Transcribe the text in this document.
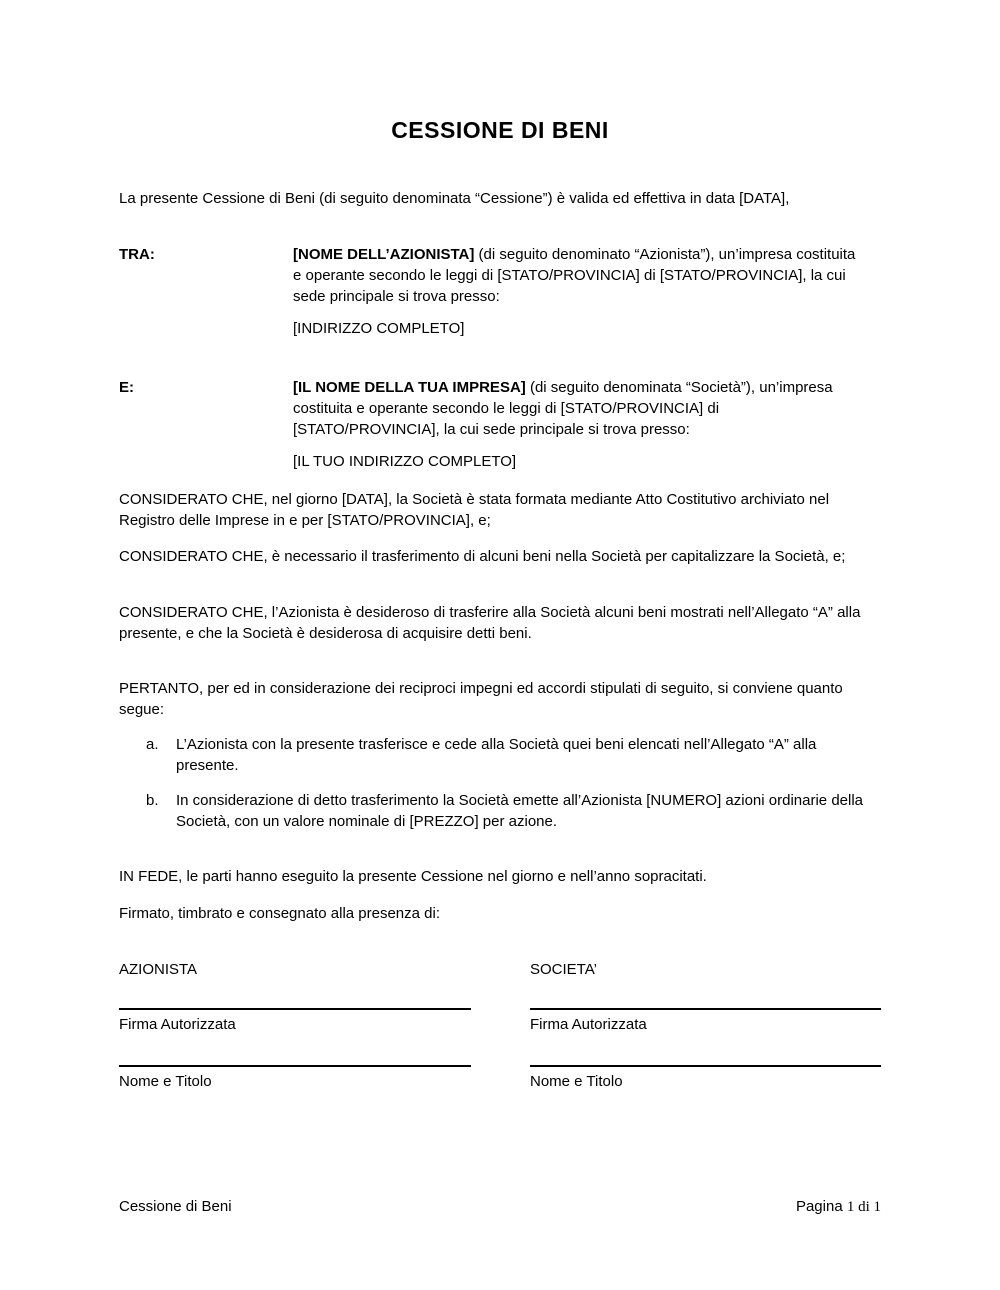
CESSIONE DI BENI
La presente Cessione di Beni (di seguito denominata “Cessione”) è valida ed effettiva in data [DATA],
TRA:	[NOME DELL’AZIONISTA] (di seguito denominato “Azionista”), un’impresa costituita e operante secondo le leggi di [STATO/PROVINCIA] di [STATO/PROVINCIA], la cui sede principale si trova presso:
[INDIRIZZO COMPLETO]
E:	[IL NOME DELLA TUA IMPRESA] (di seguito denominata “Società”), un’impresa costituita e operante secondo le leggi di [STATO/PROVINCIA] di [STATO/PROVINCIA], la cui sede principale si trova presso:
[IL TUO INDIRIZZO COMPLETO]
CONSIDERATO CHE, nel giorno [DATA], la Società è stata formata mediante Atto Costitutivo archiviato nel Registro delle Imprese in e per [STATO/PROVINCIA], e;
CONSIDERATO CHE, è necessario il trasferimento di alcuni beni nella Società per capitalizzare la Società, e;
CONSIDERATO CHE, l’Azionista è desideroso di trasferire alla Società alcuni beni mostrati nell’Allegato “A” alla presente, e che la Società è desiderosa di acquisire detti beni.
PERTANTO, per ed in considerazione dei reciproci impegni ed accordi stipulati di seguito, si conviene quanto segue:
a. L’Azionista con la presente trasferisce e cede alla Società quei beni elencati nell’Allegato “A” alla presente.
b. In considerazione di detto trasferimento la Società emette all’Azionista [NUMERO] azioni ordinarie della Società, con un valore nominale di [PREZZO] per azione.
IN FEDE, le parti hanno eseguito la presente Cessione nel giorno e nell’anno sopracitati.
Firmato, timbrato e consegnato alla presenza di:
AZIONISTA	SOCIETA’
Firma Autorizzata	Firma Autorizzata
Nome e Titolo	Nome e Titolo
Cessione di Beni	Pagina 1 di 1
